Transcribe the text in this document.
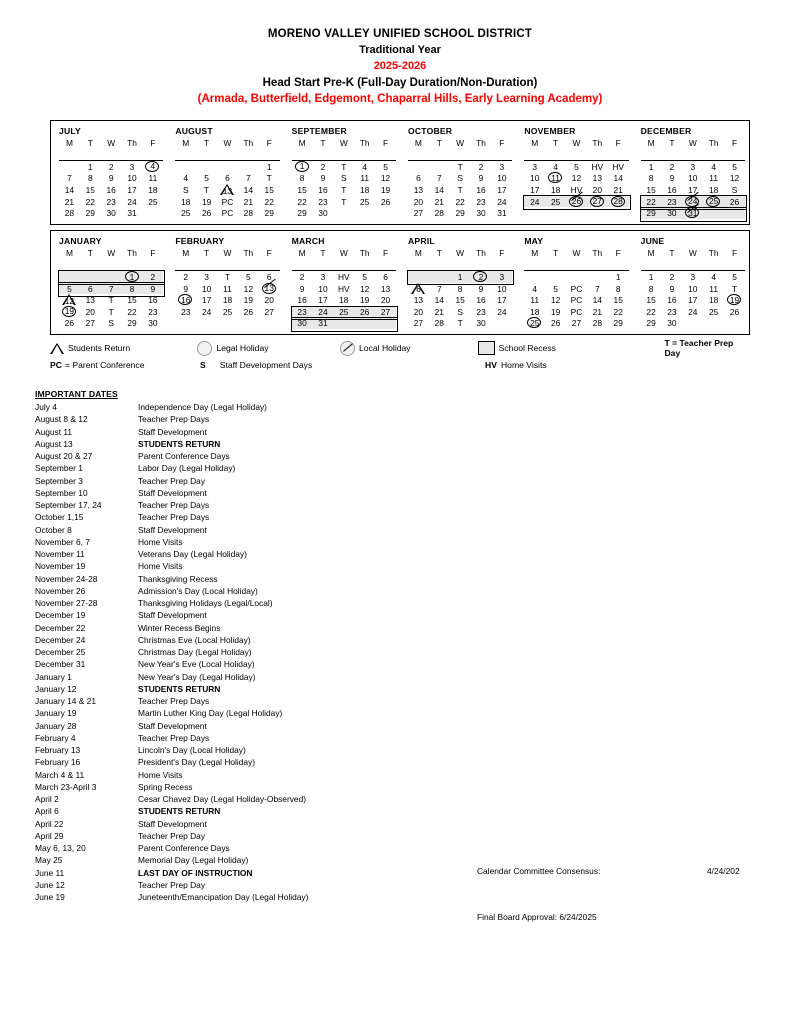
MORENO VALLEY UNIFIED SCHOOL DISTRICT
Traditional Year
2025-2026
Head Start Pre-K (Full-Day Duration/Non-Duration)
(Armada, Butterfield, Edgemont, Chaparral Hills, Early Learning Academy)
JULY
M	T	W	Th	F

	1	2	3	4
7	8	9	10	11
14	15	16	17	18
21	22	23	24	25
28	29	30	31	
AUGUST
M	T	W	Th	F

				1
4	5	6	7	T
S	T	13	14	15
18	19	PC	21	22
25	26	PC	28	29
SEPTEMBER
M	T	W	Th	F

1	2	T	4	5
8	9	S	11	12
15	16	T	18	19
22	23	T	25	26
29	30			
OCTOBER
M	T	W	Th	F

		T	2	3
6	7	S	9	10
13	14	T	16	17
20	21	22	23	24
27	28	29	30	31
NOVEMBER
M	T	W	Th	F

3	4	5	HV	HV
10	11	12	13	14
17	18	HV	20	21
24	25	26	27	28

DECEMBER
M	T	W	Th	F

1	2	3	4	5
8	9	10	11	12
15	16	17	18	S
22	23	24	25	26
29	30	31		
JANUARY
M	T	W	Th	F

			1	2
5	6	7	8	9
12	13	T	15	16
19	20	T	22	23
26	27	S	29	30
FEBRUARY
M	T	W	Th	F

2	3	T	5	6
9	10	11	12	13
16	17	18	19	20
23	24	25	26	27

MARCH
M	T	W	Th	F

2	3	HV	5	6
9	10	HV	12	13
16	17	18	19	20
23	24	25	26	27
30	31			
APRIL
M	T	W	Th	F

		1	2	3
6	7	8	9	10
13	14	15	16	17
20	21	S	23	24
27	28	T	30	
MAY
M	T	W	Th	F

				1
4	5	PC	7	8
11	12	PC	14	15
18	19	PC	21	22
25	26	27	28	29
JUNE
M	T	W	Th	F

1	2	3	4	5
8	9	10	11	T
15	16	17	18	19
22	23	24	25	26
29	30			
Students Return	Legal Holiday	Local Holiday	School Recess	T = Teacher Prep Day
PC = Parent Conference	S Staff Development Days	HV Home Visits
IMPORTANT DATES
July 4	Independence Day (Legal Holiday)
August 8 & 12	Teacher Prep Days
August 11	Staff Development
August 13	STUDENTS RETURN
August 20 & 27	Parent Conference Days
September 1	Labor Day (Legal Holiday)
September 3	Teacher Prep Day
September 10	Staff Development
September 17, 24	Teacher Prep Days
October 1,15	Teacher Prep Days
October 8	Staff Development
November 6, 7	Home Visits
November 11	Veterans Day (Legal Holiday)
November 19	Home Visits
November 24-28	Thanksgiving Recess
November 26	Admission's Day (Local Holiday)
November 27-28	Thanksgiving Holidays (Legal/Local)
December 19	Staff Development
December 22	Winter Recess Begins
December 24	Christmas Eve (Local Holiday)
December 25	Christmas Day (Legal Holiday)
December 31	New Year's Eve (Local Holiday)
January 1	New Year's Day (Legal Holiday)
January 12	STUDENTS RETURN
January 14 & 21	Teacher Prep Days
January 19	Martin Luther King Day (Legal Holiday)
January 28	Staff Development
February 4	Teacher Prep Days
February 13	Lincoln's Day (Local Holiday)
February 16	President's Day (Legal Holiday)
March 4 & 11	Home Visits
March 23-April 3	Spring Recess
April 2	Cesar Chavez Day (Legal Holiday-Observed)
April 6	STUDENTS RETURN
April 22	Staff Development
April 29	Teacher Prep Day
May 6, 13, 20	Parent Conference Days
May 25	Memorial Day (Legal Holiday)
June 11	LAST DAY OF INSTRUCTION
June 12	Teacher Prep Day
June 19	Juneteenth/Emancipation Day (Legal Holiday)
Calendar Committee Consensus:	4/24/202
Final Board Approval: 6/24/2025
